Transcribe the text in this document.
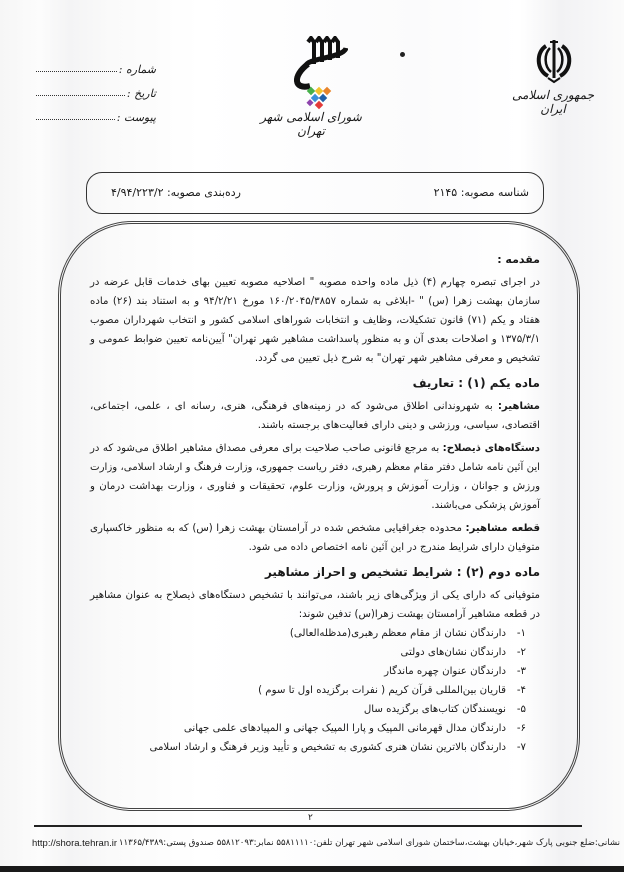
جمهوری اسلامی ایران
شورای اسلامی شهر تهران
شماره :
تاریخ :
پیوست :
شناسه مصوبه: ۲۱۴۵
رده‌بندی مصوبه: ۴/۹۴/۲۲۳/۲
مقدمه :

در اجرای تبصره چهارم (۴) ذیل ماده واحده مصوبه " اصلاحیه مصوبه تعیین بهای خدمات قابل عرضه در سازمان بهشت زهرا (س) " -ابلاغی به شماره ۱۶۰/۲۰۴۵/۳۸۵۷ مورخ ۹۴/۲/۲۱ و به استناد بند (۲۶) ماده هفتاد و یکم (۷۱) قانون تشکیلات، وظایف و انتخابات شوراهای اسلامی کشور و انتخاب شهرداران مصوب ۱۳۷۵/۳/۱ و اصلاحات بعدی آن و به منظور پاسداشت مشاهیر شهر تهران" آیین‌نامه تعیین ضوابط عمومی و تشخیص و معرفی مشاهیر شهر تهران" به شرح ذیل تعیین می گردد.

ماده یکم (۱) : تعاریف

مشاهیر: به شهروندانی اطلاق می‌شود که در زمینه‌های فرهنگی، هنری، رسانه ای ، علمی، اجتماعی، اقتصادی، سیاسی، ورزشی و دینی دارای فعالیت‌های برجسته باشند.

دستگاه‌های ذیصلاح: به مرجع قانونی صاحب صلاحیت برای معرفی مصداق مشاهیر اطلاق می‌شود که در این آئین نامه شامل دفتر مقام معظم رهبری، دفتر ریاست جمهوری، وزارت فرهنگ و ارشاد اسلامی، وزارت ورزش و جوانان ، وزارت آموزش و پرورش، وزارت علوم، تحقیقات و فناوری ، وزارت بهداشت درمان و آموزش پزشکی می‌باشند.

قطعه مشاهیر: محدوده جغرافیایی مشخص شده در آرامستان بهشت زهرا (س) که به منظور خاکسپاری متوفیان دارای شرایط مندرج در این آئین نامه اختصاص داده می شود.

ماده دوم (۲) : شرایط تشخیص و احراز مشاهیر

متوفیانی که دارای یکی از ویژگی‌های زیر باشند، می‌توانند با تشخیص دستگاه‌های ذیصلاح به عنوان مشاهیر در قطعه مشاهیر آرامستان بهشت زهرا(س) تدفین شوند:

۱-
دارندگان نشان از مقام معظم رهبری(مدظله‌العالی)
۲-
دارندگان نشان‌های دولتی
۳-
دارندگان عنوان چهره ماندگار
۴-
قاریان بین‌المللی قرآن کریم ( نفرات برگزیده اول تا سوم )
۵-
نویسندگان کتاب‌های برگزیده سال
۶-
دارندگان مدال قهرمانی المپیک و پارا المپیک جهانی و المپیادهای علمی جهانی
۷-
دارندگان بالاترین نشان هنری کشوری به تشخیص و تأیید وزیر فرهنگ و ارشاد اسلامی
۲
نشانی:ضلع جنوبی پارک شهر،خیابان بهشت،ساختمان شورای اسلامی شهر تهران تلفن:۵۵۸۱۱۱۱۰ نمابر:۵۵۸۱۲۰۹۳ صندوق پستی:۱۱۳۶۵/۴۳۸۹
http://shora.tehran.ir
